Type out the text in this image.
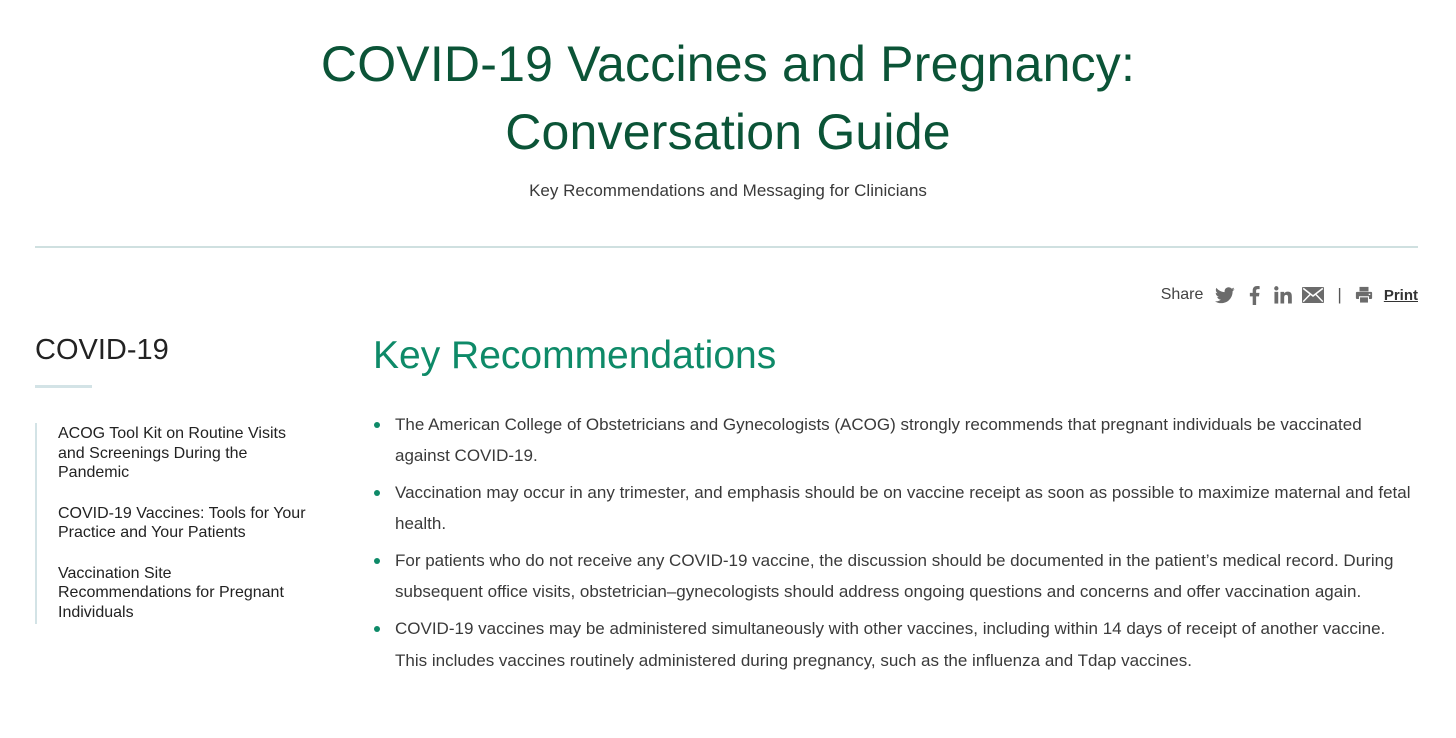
COVID-19 Vaccines and Pregnancy:
Conversation Guide
Key Recommendations and Messaging for Clinicians
Share	|	Print
COVID-19
ACOG Tool Kit on Routine Visits and Screenings During the Pandemic
COVID-19 Vaccines: Tools for Your Practice and Your Patients
Vaccination Site Recommendations for Pregnant Individuals
Key Recommendations
The American College of Obstetricians and Gynecologists (ACOG) strongly recommends that pregnant individuals be vaccinated against COVID-19.
Vaccination may occur in any trimester, and emphasis should be on vaccine receipt as soon as possible to maximize maternal and fetal health.
For patients who do not receive any COVID-19 vaccine, the discussion should be documented in the patient’s medical record. During subsequent office visits, obstetrician–gynecologists should address ongoing questions and concerns and offer vaccination again.
COVID-19 vaccines may be administered simultaneously with other vaccines, including within 14 days of receipt of another vaccine. This includes vaccines routinely administered during pregnancy, such as the influenza and Tdap vaccines.
